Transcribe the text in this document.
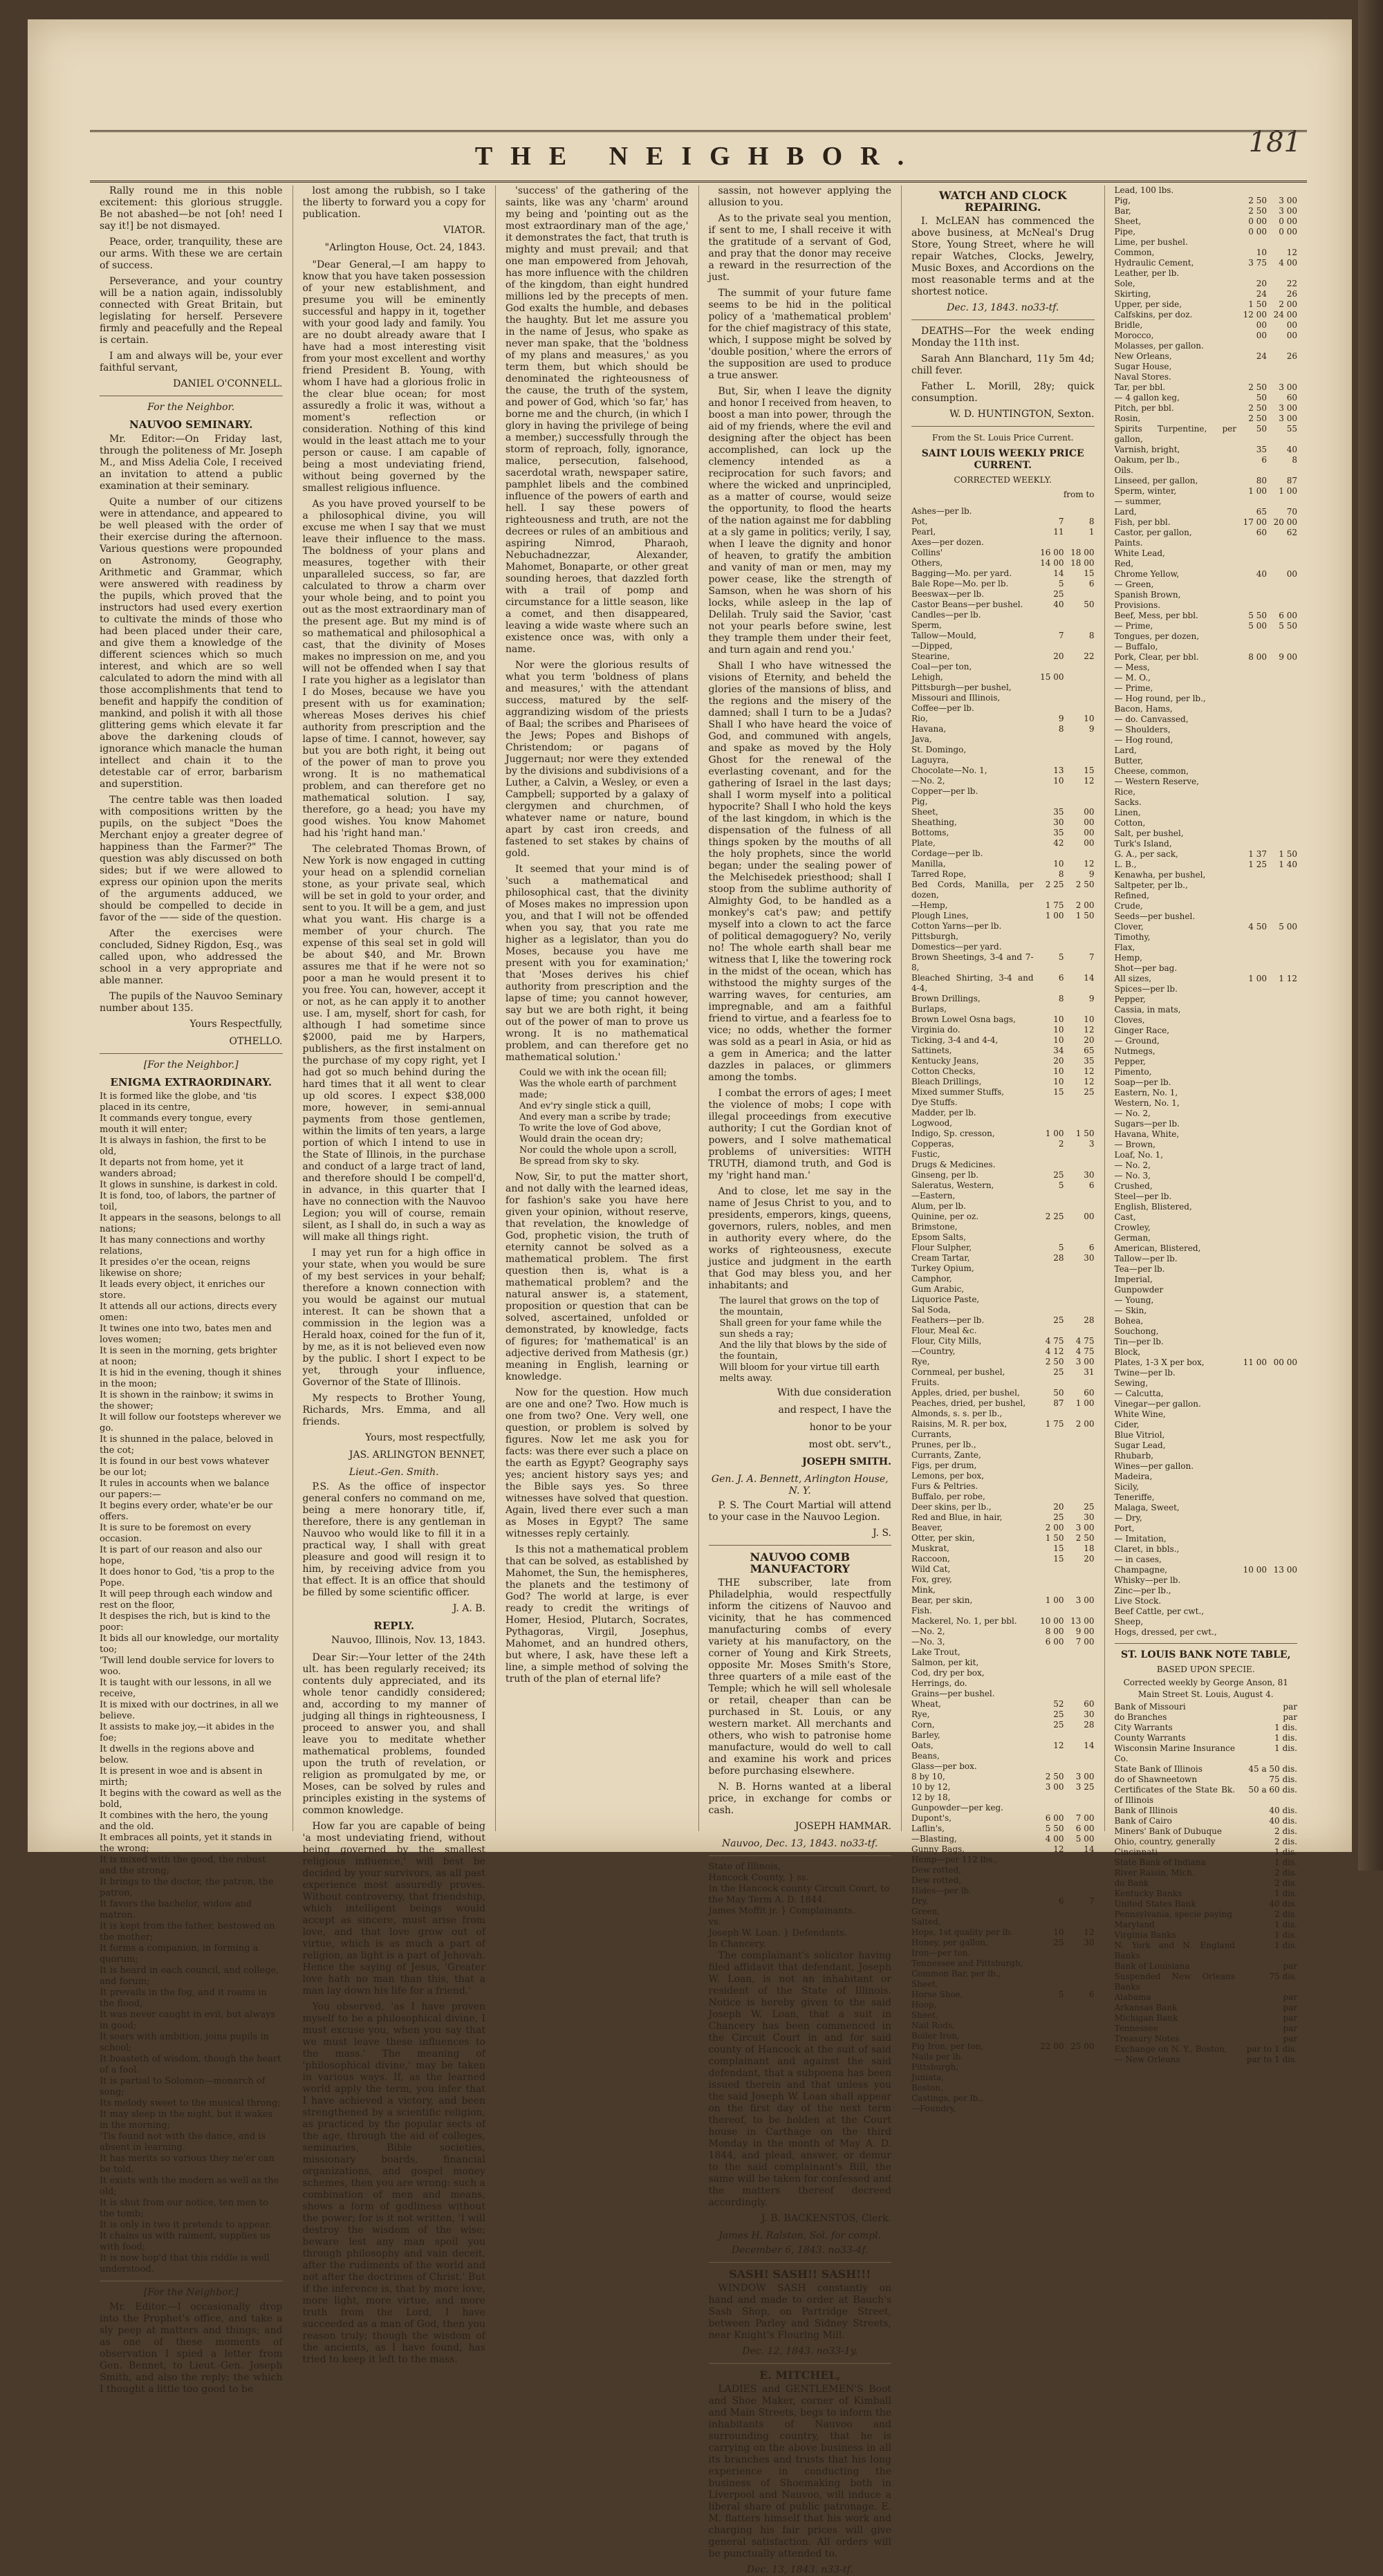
THE NEIGHBOR.	181

Rally round me in this noble excitement: this glorious struggle. Be not abashed—be not [oh! need I say it!] be not dismayed.

Peace, order, tranquility, these are our arms. With these we are certain of success.

Perseverance, and your country will be a nation again, indissolubly connected with Great Britain, but legislating for herself. Persevere firmly and peacefully and the Repeal is certain.

I am and always will be, your ever faithful servant,

DANIEL O'CONNELL.
For the Neighbor.
NAUVOO SEMINARY.

Mr. Editor:—On Friday last, through the politeness of Mr. Joseph M., and Miss Adelia Cole, I received an invitation to attend a public examination at their seminary.

Quite a number of our citizens were in attendance, and appeared to be well pleased with the order of their exercise during the afternoon. Various questions were propounded on Astronomy, Geography, Arithmetic and Grammar, which were answered with readiness by the pupils, which proved that the instructors had used every exertion to cultivate the minds of those who had been placed under their care, and give them a knowledge of the different sciences which so much interest, and which are so well calculated to adorn the mind with all those accomplishments that tend to benefit and happify the condition of mankind, and polish it with all those glittering gems which elevate it far above the darkening clouds of ignorance which manacle the human intellect and chain it to the detestable car of error, barbarism and superstition.

The centre table was then loaded with compositions written by the pupils, on the subject "Does the Merchant enjoy a greater degree of happiness than the Farmer?" The question was ably discussed on both sides; but if we were allowed to express our opinion upon the merits of the arguments adduced, we should be compelled to decide in favor of the —— side of the question.

After the exercises were concluded, Sidney Rigdon, Esq., was called upon, who addressed the school in a very appropriate and able manner.

The pupils of the Nauvoo Seminary number about 135.

Yours Respectfully,
OTHELLO.
[For the Neighbor.]
ENIGMA EXTRAORDINARY.
It is formed like the globe, and 'tis placed in its centre,
It commands every tongue, every mouth it will enter;
It is always in fashion, the first to be old,
It departs not from home, yet it wanders abroad;
It glows in sunshine, is darkest in cold.
It is fond, too, of labors, the partner of toil,
It appears in the seasons, belongs to all nations;
It has many connections and worthy relations,
It presides o'er the ocean, reigns likewise on shore;
It leads every object, it enriches our store.
It attends all our actions, directs every omen:
It twines one into two, bates men and loves women;
It is seen in the morning, gets brighter at noon;
It is hid in the evening, though it shines in the moon;
It is shown in the rainbow; it swims in the shower;
It will follow our footsteps wherever we go.
It is shunned in the palace, beloved in the cot;
It is found in our best vows whatever be our lot;
It rules in accounts when we balance our papers:—
It begins every order, whate'er be our offers.
It is sure to be foremost on every occasion.
It is part of our reason and also our hope,
It does honor to God, 'tis a prop to the Pope.
It will peep through each window and rest on the floor,
It despises the rich, but is kind to the poor:
It bids all our knowledge, our mortality too;
'Twill lend double service for lovers to woo.
It is taught with our lessons, in all we receive,
It is mixed with our doctrines, in all we believe.
It assists to make joy,—it abides in the foe;
It dwells in the regions above and below.
It is present in woe and is absent in mirth;
It begins with the coward as well as the bold,
It combines with the hero, the young and the old.
It embraces all points, yet it stands in the wrong;
It is mixed with the good, the robust and the strong;
It brings to the doctor, the patron, the patron,
It favors the bachelor, widow and matron.
It is kept from the father, bestowed on the mother;
It forms a companion, in forming a quorum;
It is heard in each council, and college, and forum;
It prevails in the fog, and it roams in the flood,
It was never caught in evil, but always in good;
It soars with ambition, joins pupils in school;
It boasteth of wisdom, though the heart of a fool.
It is partial to Solomon—monarch of song;
Its melody sweet to the musical throng;
It may sleep in the night, but it wakes in the morning;
'Tis found not with the dance, and is absent in learning.
It has merits so various they ne'er can be told,
It exists with the modern as well as the old;
It is shut from our notice, ten men to the tomb;
It is only in two it pretends to appear.
It chains us with raiment, supplies us with food;
It is now hop'd that this riddle is well understood.
[For the Neighbor.]

Mr. Editor.—I occasionally drop into the Prophet's office, and take a sly peep at matters and things; and as one of these moments of observation I spied a letter from Gen. Bennet, to Lieut.-Gen. Joseph Smith, and also the reply; the which I thought a little too good to be

lost among the rubbish, so I take the liberty to forward you a copy for publication.

VIATOR.
"Arlington House, Oct. 24, 1843.

"Dear General,—I am happy to know that you have taken possession of your new establishment, and presume you will be eminently successful and happy in it, together with your good lady and family. You are no doubt already aware that I have had a most interesting visit from your most excellent and worthy friend President B. Young, with whom I have had a glorious frolic in the clear blue ocean; for most assuredly a frolic it was, without a moment's reflection or consideration. Nothing of this kind would in the least attach me to your person or cause. I am capable of being a most undeviating friend, without being governed by the smallest religious influence.

As you have proved yourself to be a philosophical divine, you will excuse me when I say that we must leave their influence to the mass. The boldness of your plans and measures, together with their unparalleled success, so far, are calculated to throw a charm over your whole being, and to point you out as the most extraordinary man of the present age. But my mind is of so mathematical and philosophical a cast, that the divinity of Moses makes no impression on me, and you will not be offended when I say that I rate you higher as a legislator than I do Moses, because we have you present with us for examination; whereas Moses derives his chief authority from prescription and the lapse of time. I cannot, however, say but you are both right, it being out of the power of man to prove you wrong. It is no mathematical problem, and can therefore get no mathematical solution. I say, therefore, go a head; you have my good wishes. You know Mahomet had his 'right hand man.'

The celebrated Thomas Brown, of New York is now engaged in cutting your head on a splendid cornelian stone, as your private seal, which will be set in gold to your order, and sent to you. It will be a gem, and just what you want. His charge is a member of your church. The expense of this seal set in gold will be about $40, and Mr. Brown assures me that if he were not so poor a man he would present it to you free. You can, however, accept it or not, as he can apply it to another use. I am, myself, short for cash, for although I had sometime since $2000, paid me by Harpers, publishers, as the first instalment on the purchase of my copy right, yet I had got so much behind during the hard times that it all went to clear up old scores. I expect $38,000 more, however, in semi-annual payments from those gentlemen, within the limits of ten years, a large portion of which I intend to use in the State of Illinois, in the purchase and conduct of a large tract of land, and therefore should I be compell'd, in advance, in this quarter that I have no connection with the Nauvoo Legion; you will of course, remain silent, as I shall do, in such a way as will make all things right.

I may yet run for a high office in your state, when you would be sure of my best services in your behalf; therefore a known connection with you would be against our mutual interest. It can be shown that a commission in the legion was a Herald hoax, coined for the fun of it, by me, as it is not believed even now by the public. I short I expect to be yet, through your influence, Governor of the State of Illinois.

My respects to Brother Young, Richards, Mrs. Emma, and all friends.

Yours, most respectfully,
JAS. ARLINGTON BENNET,
Lieut.-Gen. Smith.

P.S. As the office of inspector general confers no command on me, being a mere honorary title, if, therefore, there is any gentleman in Nauvoo who would like to fill it in a practical way, I shall with great pleasure and good will resign it to him, by receiving advice from you that effect. It is an office that should be filled by some scientific officer.

J. A. B.
REPLY.
Nauvoo, Illinois, Nov. 13, 1843.

Dear Sir:—Your letter of the 24th ult. has been regularly received; its contents duly appreciated, and its whole tenor candidly considered; and, according to my manner of judging all things in righteousness, I proceed to answer you, and shall leave you to meditate whether mathematical problems, founded upon the truth of revelation, or religion as promulgated by me, or Moses, can be solved by rules and principles existing in the systems of common knowledge.

How far you are capable of being 'a most undeviating friend, without being governed by the smallest religious influence,' will best be decided by your survivors, as all past experience most assuredly proves. Without controversy, that friendship, which intelligent beings would accept as sincere, must arise from love, and that love grow out of virtue, which is as much a part of religion, as light is a part of Jehovah. Hence the saying of Jesus, 'Greater love hath no man than this, that a man lay down his life for a friend.'

You observed, 'as I have proven myself to be a philosophical divine, I must excuse you, when you say that we must leave these influences to the mass.' The meaning of 'philosophical divine,' may be taken in various ways. If, as the learned world apply the term, you infer that I have achieved a victory, and been strengthened by a scientific religion, as practiced by the popular sects of the age, through the aid of colleges, seminaries, Bible societies, missionary boards, financial organizations, and gospel money schemes, then you are wrong: such a combination of men and means, shows a form of godliness without the power; for is it not written, 'I will destroy the wisdom of the wise; beware lest any man spoil you through philosophy and vain deceit, after the rudiments of the world and not after the doctrines of Christ.' But if the inference is, that by more love, more light, more virtue, and more truth from the Lord, I have succeeded as a man of God, then you reason truly; though the wisdom of the ancients, as I have found, has tried to keep it left to the mass.

'success' of the gathering of the saints, like was any 'charm' around my being and 'pointing out as the most extraordinary man of the age,' it demonstrates the fact, that truth is mighty and must prevail; and that one man empowered from Jehovah, has more influence with the children of the kingdom, than eight hundred millions led by the precepts of men. God exalts the humble, and debases the haughty. But let me assure you in the name of Jesus, who spake as never man spake, that the 'boldness of my plans and measures,' as you term them, but which should be denominated the righteousness of the cause, the truth of the system, and power of God, which 'so far,' has borne me and the church, (in which I glory in having the privilege of being a member,) successfully through the storm of reproach, folly, ignorance, malice, persecution, falsehood, sacerdotal wrath, newspaper satire, pamphlet libels and the combined influence of the powers of earth and hell. I say these powers of righteousness and truth, are not the decrees or rules of an ambitious and aspiring Nimrod, Pharaoh, Nebuchadnezzar, Alexander, Mahomet, Bonaparte, or other great sounding heroes, that dazzled forth with a trail of pomp and circumstance for a little season, like a comet, and then disappeared, leaving a wide waste where such an existence once was, with only a name.

Nor were the glorious results of what you term 'boldness of plans and measures,' with the attendant success, matured by the self-aggrandizing wisdom of the priests of Baal; the scribes and Pharisees of the Jews; Popes and Bishops of Christendom; or pagans of Juggernaut; nor were they extended by the divisions and subdivisions of a Luther, a Calvin, a Wesley, or even a Campbell; supported by a galaxy of clergymen and churchmen, of whatever name or nature, bound apart by cast iron creeds, and fastened to set stakes by chains of gold.

It seemed that your mind is of 'such a mathematical and philosophical cast, that the divinity of Moses makes no impression upon you, and that I will not be offended when you say, that you rate me higher as a legislator, than you do Moses, because you have me present with you for examination;' that 'Moses derives his chief authority from prescription and the lapse of time; you cannot however, say but we are both right, it being out of the power of man to prove us wrong. It is no mathematical problem, and can therefore get no mathematical solution.'

Could we with ink the ocean fill;
Was the whole earth of parchment made;
And ev'ry single stick a quill,
And every man a scribe by trade;
To write the love of God above,
Would drain the ocean dry;
Nor could the whole upon a scroll,
Be spread from sky to sky.

Now, Sir, to put the matter short, and not dally with the learned ideas, for fashion's sake you have here given your opinion, without reserve, that revelation, the knowledge of God, prophetic vision, the truth of eternity cannot be solved as a mathematical problem. The first question then is, what is a mathematical problem? and the natural answer is, a statement, proposition or question that can be solved, ascertained, unfolded or demonstrated, by knowledge, facts of figures; for 'mathematical' is an adjective derived from Mathesis (gr.) meaning in English, learning or knowledge.

Now for the question. How much are one and one? Two. How much is one from two? One. Very well, one question, or problem is solved by figures. Now let me ask you for facts: was there ever such a place on the earth as Egypt? Geography says yes; ancient history says yes; and the Bible says yes. So three witnesses have solved that question. Again, lived there ever such a man as Moses in Egypt? The same witnesses reply certainly.

Is this not a mathematical problem that can be solved, as established by Mahomet, the Sun, the hemispheres, the planets and the testimony of God? The world at large, is ever ready to credit the writings of Homer, Hesiod, Plutarch, Socrates, Pythagoras, Virgil, Josephus, Mahomet, and an hundred others, but where, I ask, have these left a line, a simple method of solving the truth of the plan of eternal life?

sassin, not however applying the allusion to you.

As to the private seal you mention, if sent to me, I shall receive it with the gratitude of a servant of God, and pray that the donor may receive a reward in the resurrection of the just.

The summit of your future fame seems to be hid in the political policy of a 'mathematical problem' for the chief magistracy of this state, which, I suppose might be solved by 'double position,' where the errors of the supposition are used to produce a true answer.

But, Sir, when I leave the dignity and honor I received from heaven, to boost a man into power, through the aid of my friends, where the evil and designing after the object has been accomplished, can lock up the clemency intended as a reciprocation for such favors; and where the wicked and unprincipled, as a matter of course, would seize the opportunity, to flood the hearts of the nation against me for dabbling at a sly game in politics; verily, I say, when I leave the dignity and honor of heaven, to gratify the ambition and vanity of man or men, may my power cease, like the strength of Samson, when he was shorn of his locks, while asleep in the lap of Delilah. Truly said the Savior, 'cast not your pearls before swine, lest they trample them under their feet, and turn again and rend you.'

Shall I who have witnessed the visions of Eternity, and beheld the glories of the mansions of bliss, and the regions and the misery of the damned; shall I turn to be a Judas? Shall I who have heard the voice of God, and communed with angels, and spake as moved by the Holy Ghost for the renewal of the everlasting covenant, and for the gathering of Israel in the last days; shall I worm myself into a political hypocrite? Shall I who hold the keys of the last kingdom, in which is the dispensation of the fulness of all things spoken by the mouths of all the holy prophets, since the world began; under the sealing power of the Melchisedek priesthood; shall I stoop from the sublime authority of Almighty God, to be handled as a monkey's cat's paw; and pettify myself into a clown to act the farce of political demagoguery? No, verily no! The whole earth shall bear me witness that I, like the towering rock in the midst of the ocean, which has withstood the mighty surges of the warring waves, for centuries, am impregnable, and am a faithful friend to virtue, and a fearless foe to vice; no odds, whether the former was sold as a pearl in Asia, or hid as a gem in America; and the latter dazzles in palaces, or glimmers among the tombs.

I combat the errors of ages; I meet the violence of mobs; I cope with illegal proceedings from executive authority; I cut the Gordian knot of powers, and I solve mathematical problems of universities: WITH TRUTH, diamond truth, and God is my 'right hand man.'

And to close, let me say in the name of Jesus Christ to you, and to presidents, emperors, kings, queens, governors, rulers, nobles, and men in authority every where, do the works of righteousness, execute justice and judgment in the earth that God may bless you, and her inhabitants; and

The laurel that grows on the top of the mountain,
Shall green for your fame while the sun sheds a ray;
And the lily that blows by the side of the fountain,
Will bloom for your virtue till earth melts away.
With due consideration
and respect, I have the
honor to be your
most obt. serv't.,
JOSEPH SMITH.
Gen. J. A. Bennett, Arlington House, N. Y.

P. S. The Court Martial will attend to your case in the Nauvoo Legion.

J. S.
NAUVOO COMB MANUFACTORY

THE subscriber, late from Philadelphia, would respectfully inform the citizens of Nauvoo and vicinity, that he has commenced manufacturing combs of every variety at his manufactory, on the corner of Young and Kirk Streets, opposite Mr. Moses Smith's Store, three quarters of a mile east of the Temple; which he will sell wholesale or retail, cheaper than can be purchased in St. Louis, or any western market. All merchants and others, who wish to patronise home manufacture, would do well to call and examine his work and prices before purchasing elsewhere.

N. B. Horns wanted at a liberal price, in exchange for combs or cash.

JOSEPH HAMMAR.
Nauvoo, Dec. 13, 1843. no33-tf.
State of Illinois,
Hancock County, } ss.
In the Hancock county Circuit Court, to the May Term A. D. 1844.
James Moffit jr. } Complainants.
vs.
Joseph W. Loan. } Defendants.
In Chancery.

The complainant's solicitor having filed affidavit that defendant, Joseph W. Loan, is not an inhabitant or resident of the State of Illinois. Notice is hereby given to the said Joseph W. Loan, that a suit in Chancery has been commenced in the Circuit Court in and for said county of Hancock at the suit of said complainant and against the said defendant, that a subpoena has been issued therein and that unless you the said Joseph W. Loan shall appear on the first day of the next term thereof, to be holden at the Court house in Carthage on the third Monday in the month of May A. D. 1844, and plead, answer, or demur to the said complainant's Bill, the same will be taken for confessed and the matters thereof decreed accordingly.

J. B. BACKENSTOS, Clerk.
James H. Ralston, Sol. for compl.
December 6, 1843. no33-4f.
SASH! SASH!! SASH!!!

WINDOW SASH constantly on hand and made to order at Bauch's Sash Shop, on Partridge Street, between Parley and Sidney Streets, near Knight's Flouring Mill.

Dec. 12, 1843. no33-1y.
E. MITCHEL,

LADIES and GENTLEMEN'S Boot and Shoe Maker, corner of Kimball and Main Streets, begs to inform the inhabitants of Nauvoo and surrounding country, that he is carrying on the above business in all its branches and trusts that his long experience in conducting the business of Shoemaking both in Liverpool and Nauvoo, will induce a liberal share of public patronage. E. M. flatters himself that his work and charging his fair prices will give general satisfaction. All orders will be punctually attended to.

Dec. 13, 1843. n33-tf.
WATCH AND CLOCK REPAIRING.

I. McLEAN has commenced the above business, at McNeal's Drug Store, Young Street, where he will repair Watches, Clocks, Jewelry, Music Boxes, and Accordions on the most reasonable terms and at the shortest notice.

Dec. 13, 1843. no33-tf.

DEATHS—For the week ending Monday the 11th inst.

Sarah Ann Blanchard, 11y 5m 4d; chill fever.

Father L. Morill, 28y; quick consumption.

W. D. HUNTINGTON, Sexton.
From the St. Louis Price Current.
SAINT LOUIS WEEKLY PRICE CURRENT.
CORRECTED WEEKLY.
from to
Ashes—per lb.
Pot,	7	8
Pearl,	11	1
Axes—per dozen.
Collins'	16 00 18 00
Others,	14 00 18 00
Bagging—Mo. per yard.	14	15
Bale Rope—Mo. per lb.	5	6
Beeswax—per lb.	25
Castor Beans—per bushel.	40	50
Candles—per lb.
Sperm,
Tallow—Mould,	7	8
—Dipped,
Stearine,	20	22
Coal—per ton,
Lehigh,	15 00
Pittsburgh—per bushel,
Missouri and Illinois,
Coffee—per lb.
Rio,	9	10
Havana,	8	9
Java,
St. Domingo,
Laguyra,
Chocolate—No. 1,	13	15
—No. 2,	10	12
Copper—per lb.
Pig,
Sheet,	35	00
Sheathing,	30	00
Bottoms,	35	00
Plate,	42	00
Cordage—per lb.
Manilla,	10	12
Tarred Rope,	8	9
Bed Cords, Manilla, per dozen,
2 25	2 50
—Hemp,	1 75	2 00
Plough Lines,	1 00	1 50
Cotton Yarns—per lb.
Pittsburgh,
Domestics—per yard.
Brown Sheetings, 3-4 and 7-8,
5	7
Bleached Shirting, 3-4 and 4-4,
6	14
Brown Drillings,	8	9
Burlaps,
Brown Lowel Osna bags,	10	10
Virginia do.	10	12
Ticking, 3-4 and 4-4,	10	20
Sattinets,	34	65
Kentucky Jeans,	20	35
Cotton Checks,	10	12
Bleach Drillings,	10	12
Mixed summer Stuffs,	15	25
Dye Stuffs.
Madder, per lb.
Logwood,
Indigo, Sp. cresson,	1 00	1 50
Copperas,	2	3
Fustic,
Drugs & Medicines.
Ginseng, per lb.	25	30
Saleratus, Western,	5	6
—Eastern,
Alum, per lb.
Quinine, per oz.	2 25	00
Brimstone,
Epsom Salts,
Flour Sulpher,	5	6
Cream Tartar,	28	30
Turkey Opium,
Camphor,
Gum Arabic,
Liquorice Paste,
Sal Soda,
Feathers—per lb.	25	28
Flour, Meal &c.
Flour, City Mills,	4 75	4 75
—Country,	4 12	4 75
Rye,	2 50	3 00
Cornmeal, per bushel,	25	31
Fruits.
Apples, dried, per bushel,	50	60
Peaches, dried, per bushel,	87	1 00
Almonds, s. s. per lb.,
Raisins, M. R. per box,	1 75	2 00
Currants,
Prunes, per lb.,
Currants, Zante,
Figs, per drum,
Lemons, per box,
Furs & Peltries.
Buffalo, per robe,
Deer skins, per lb.,	20	25
Red and Blue, in hair,	25	30
Beaver,	2 00	3 00
Otter, per skin,	1 50	2 50
Muskrat,	15	18
Raccoon,	15	20
Wild Cat,
Fox, grey,
Mink,
Bear, per skin,	1 00	3 00
Fish.
Mackerel, No. 1, per bbl.	10 00 13 00
—No. 2,	8 00	9 00
—No. 3,	6 00	7 00
Lake Trout,
Salmon, per kit,
Cod, dry per box,
Herrings, do.
Grains—per bushel.
Wheat,	52	60
Rye,	25	30
Corn,	25	28
Barley,
Oats,	12	14
Beans,
Glass—per box.
8 by 10,	2 50	3 00
10 by 12,	3 00	3 25
12 by 18,
Gunpowder—per keg.
Dupont's,	6 00	7 00
Laflin's,	5 50	6 00
—Blasting,	4 00	5 00
Gunny Bags,	12	14
Hemp—per 112 lbs.,
Dew rotted,
Dew rotted,
Hides—per lb.
Dry,	6	7
Green,
Salted,
Hops, 1st quality per lb.	10	12
Honey, per gallon,	25	30
Iron—per ton.
Tennessee and Pittsburgh,
Common Bar, per lb.,
Sheet,
Horse Shoe,	5	6
Hoop,
Sheet,
Nail Rods,
Boiler Iron,
Pig Iron, per ton,	22 00 25 00
Nails per lb.
Pittsburgh,
Juniata,
Boston,
Castings, per lb.,
—Foundry,
Lead, 100 lbs.
Pig,	2 50	3 00
Bar,	2 50	3 00
Sheet,	0 00	0 00
Pipe,	0 00	0 00
Lime, per bushel.
Common,	10	12
Hydraulic Cement,	3 75	4 00
Leather, per lb.
Sole,	20	22
Skirting,	24	26
Upper, per side,	1 50	2 00
Calfskins, per doz.	12 00 24 00
Bridle,	00	00
Morocco,	00	00
Molasses, per gallon.
New Orleans,	24	26
Sugar House,
Naval Stores.
Tar, per bbl.	2 50	3 00
— 4 gallon keg,	50	60
Pitch, per bbl.	2 50	3 00
Rosin,	2 50	3 00
Spirits Turpentine, per gallon,
50	55
Varnish, bright,	35	40
Oakum, per lb.,	6	8
Oils.
Linseed, per gallon,	80	87
Sperm, winter,	1 00	1 00
— summer,
Lard,	65	70
Fish, per bbl.	17 00 20 00
Castor, per gallon,	60	62
Paints.
White Lead,
Red,
Chrome Yellow,	40	00
— Green,
Spanish Brown,
Provisions.
Beef, Mess, per bbl.	5 50	6 00
— Prime,	5 00	5 50
Tongues, per dozen,
— Buffalo,
Pork, Clear, per bbl.	8 00	9 00
— Mess,
— M. O.,
— Prime,
— Hog round, per lb.,
Bacon, Hams,
— do. Canvassed,
— Shoulders,
— Hog round,
Lard,
Butter,
Cheese, common,
— Western Reserve,
Rice,
Sacks.
Linen,
Cotton,
Salt, per bushel,
Turk's Island,
G. A., per sack,	1 37	1 50
L. B.,	1 25	1 40
Kenawha, per bushel,
Saltpeter, per lb.,
Refined,
Crude,
Seeds—per bushel.
Clover,	4 50	5 00
Timothy,
Flax,
Hemp,
Shot—per bag.
All sizes,	1 00	1 12
Spices—per lb.
Pepper,
Cassia, in mats,
Cloves,
Ginger Race,
— Ground,
Nutmegs,
Pepper,
Pimento,
Soap—per lb.
Eastern, No. 1,
Western, No. 1,
— No. 2,
Sugars—per lb.
Havana, White,
— Brown,
Loaf, No. 1,
— No. 2,
— No. 3,
Crushed,
Steel—per lb.
English, Blistered,
Cast,
Crowley,
German,
American, Blistered,
Tallow—per lb.
Tea—per lb.
Imperial,
Gunpowder
— Young,
— Skin,
Bohea,
Souchong,
Tin—per lb.
Block,
Plates, 1-3 X per box,	11 00 00 00
Twine—per lb.
Sewing,
— Calcutta,
Vinegar—per gallon.
White Wine,
Cider,
Blue Vitriol,
Sugar Lead,
Rhubarb,
Wines—per gallon.
Madeira,
Sicily,
Teneriffe,
Malaga, Sweet,
— Dry,
Port,
— Imitation,
Claret, in bbls.,
— in cases,
Champagne,	10 00 13 00
Whisky—per lb.
Zinc—per lb.,
Live Stock.
Beef Cattle, per cwt.,
Sheep,
Hogs, dressed, per cwt.,
ST. LOUIS BANK NOTE TABLE,
BASED UPON SPECIE.
Corrected weekly by George Anson, 81 Main Street St. Louis, August 4.
Bank of Missouri	par
do Branches	par
City Warrants	1 dis.
County Warrants	1 dis.
Wisconsin Marine Insurance Co.
1 dis.
State Bank of Illinois	45 a 50 dis.
do of Shawneetown	75 dis.
Certificates of the State Bk. of Illinois
50 a 60 dis.
Bank of Illinois	40 dis.
Bank of Cairo	40 dis.
Miners' Bank of Dubuque	2 dis.
Ohio, country, generally	2 dis.
Cincinnati	1 dis.
State Bank of Indiana	1 dis.
River Raisin, Mich.	2 dis.
do Bank	2 dis.
Kentucky Banks	1 dis.
United States Bank	40 dis.
Pennsylvania, specie paying	2 dis.
Maryland	1 dis.
Virginia Banks	1 dis.
N. York and N. England Banks
1 dis.
Bank of Louisiana	par
Suspended New Orleans Banks
75 dis.
Alabama	par
Arkansas Bank	par
Michigan Bank	par
Tennessee	par
Treasury Notes	par
Exchange on N. Y., Boston,	par to 1 dis.
— New Orleans	par to 1 dis.
